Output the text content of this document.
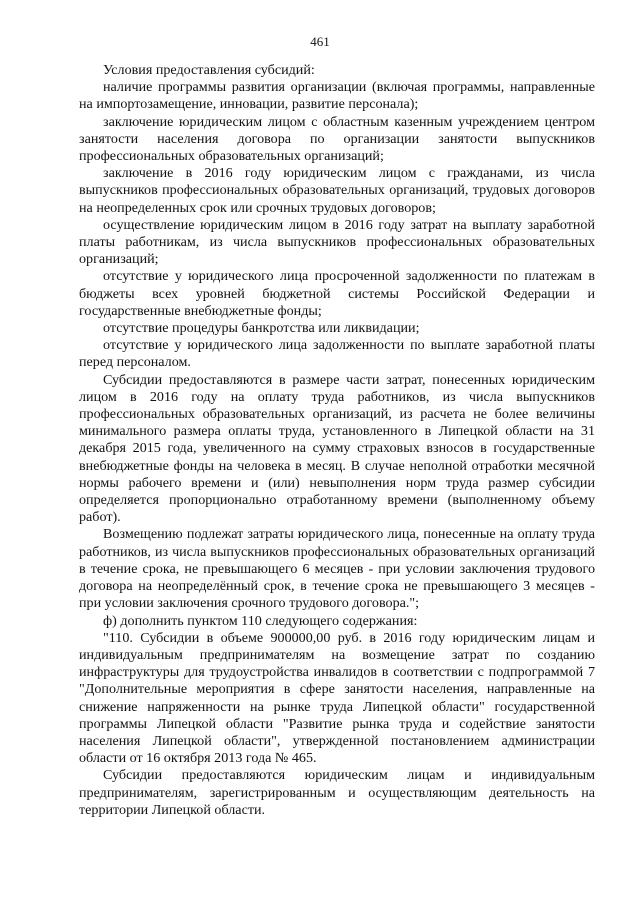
461

Условия предоставления субсидий:

наличие программы развития организации (включая программы, направленные на импортозамещение, инновации, развитие персонала);

заключение юридическим лицом с областным казенным учреждением центром занятости населения договора по организации занятости выпускников профессиональных образовательных организаций;

заключение в 2016 году юридическим лицом с гражданами, из числа выпускников профессиональных образовательных организаций, трудовых договоров на неопределенных срок или срочных трудовых договоров;

осуществление юридическим лицом в 2016 году затрат на выплату заработной платы работникам, из числа выпускников профессиональных образовательных организаций;

отсутствие у юридического лица просроченной задолженности по платежам в бюджеты всех уровней бюджетной системы Российской Федерации и государственные внебюджетные фонды;

отсутствие процедуры банкротства или ликвидации;

отсутствие у юридического лица задолженности по выплате заработной платы перед персоналом.

Субсидии предоставляются в размере части затрат, понесенных юридическим лицом в 2016 году на оплату труда работников, из числа выпускников профессиональных образовательных организаций, из расчета не более величины минимального размера оплаты труда, установленного в Липецкой области на 31 декабря 2015 года, увеличенного на сумму страховых взносов в государственные внебюджетные фонды на человека в месяц. В случае неполной отработки месячной нормы рабочего времени и (или) невыполнения норм труда размер субсидии определяется пропорционально отработанному времени (выполненному объему работ).

Возмещению подлежат затраты юридического лица, понесенные на оплату труда работников, из числа выпускников профессиональных образовательных организаций в течение срока, не превышающего 6 месяцев - при условии заключения трудового договора на неопределённый срок, в течение срока не превышающего 3 месяцев - при условии заключения срочного трудового договора.";

ф) дополнить пунктом 110 следующего содержания:

"110. Субсидии в объеме 900000,00 руб. в 2016 году юридическим лицам и индивидуальным предпринимателям на возмещение затрат по созданию инфраструктуры для трудоустройства инвалидов в соответствии с подпрограммой 7 "Дополнительные мероприятия в сфере занятости населения, направленные на снижение напряженности на рынке труда Липецкой области" государственной программы Липецкой области "Развитие рынка труда и содействие занятости населения Липецкой области", утвержденной постановлением администрации области от 16 октября 2013 года № 465.

Субсидии предоставляются юридическим лицам и индивидуальным предпринимателям, зарегистрированным и осуществляющим деятельность на территории Липецкой области.
